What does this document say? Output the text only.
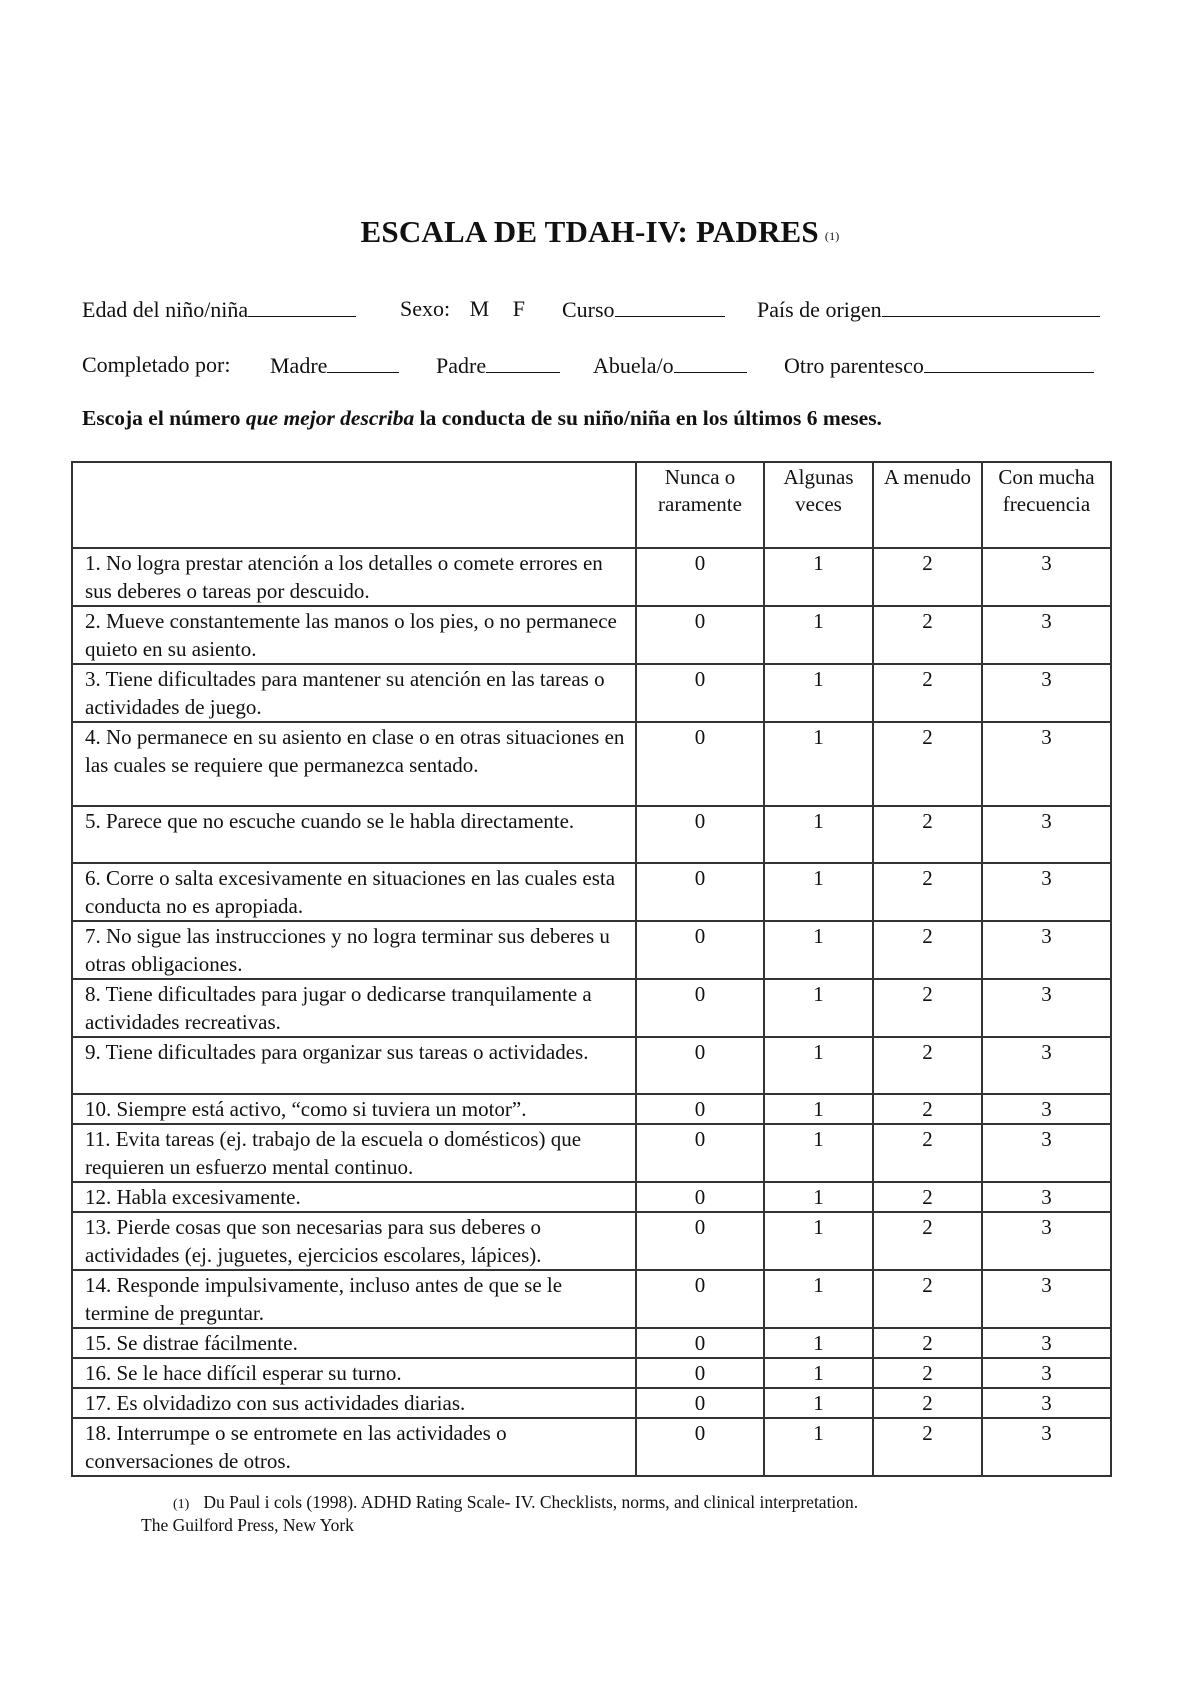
ESCALA DE TDAH-IV: PADRES $^{(1)}$
Edad del niño/niña	Sexo: M F Curso	País de origen
Completado por: Madre	Padre	Abuela/o	Otro parentesco
Escoja el número que mejor describa la conducta de su niño/niña en los últimos 6 meses.
	Nunca o raramente	Algunas veces	A menudo	Con mucha frecuencia
1. No logra prestar atención a los detalles o comete errores en sus deberes o tareas por descuido.	0	1	2	3
2. Mueve constantemente las manos o los pies, o no permanece quieto en su asiento.	0	1	2	3
3. Tiene dificultades para mantener su atención en las tareas o actividades de juego.	0	1	2	3
4. No permanece en su asiento en clase o en otras situaciones en las cuales se requiere que permanezca sentado.	0	1	2	3
5. Parece que no escuche cuando se le habla directamente.	0	1	2	3
6. Corre o salta excesivamente en situaciones en las cuales esta conducta no es apropiada.	0	1	2	3
7. No sigue las instrucciones y no logra terminar sus deberes u otras obligaciones.	0	1	2	3
8. Tiene dificultades para jugar o dedicarse tranquilamente a actividades recreativas.	0	1	2	3
9. Tiene dificultades para organizar sus tareas o actividades.	0	1	2	3
10. Siempre está activo, “como si tuviera un motor”.	0	1	2	3
11. Evita tareas (ej. trabajo de la escuela o domésticos) que requieren un esfuerzo mental continuo.	0	1	2	3
12. Habla excesivamente.	0	1	2	3
13. Pierde cosas que son necesarias para sus deberes o actividades (ej. juguetes, ejercicios escolares, lápices).	0	1	2	3
14. Responde impulsivamente, incluso antes de que se le termine de preguntar.	0	1	2	3
15. Se distrae fácilmente.	0	1	2	3
16. Se le hace difícil esperar su turno.	0	1	2	3
17. Es olvidadizo con sus actividades diarias.	0	1	2	3
18. Interrumpe o se entromete en las actividades o conversaciones de otros.	0	1	2	3
(1) Du Paul i cols (1998). ADHD Rating Scale- IV. Checklists, norms, and clinical interpretation.
The Guilford Press, New York
